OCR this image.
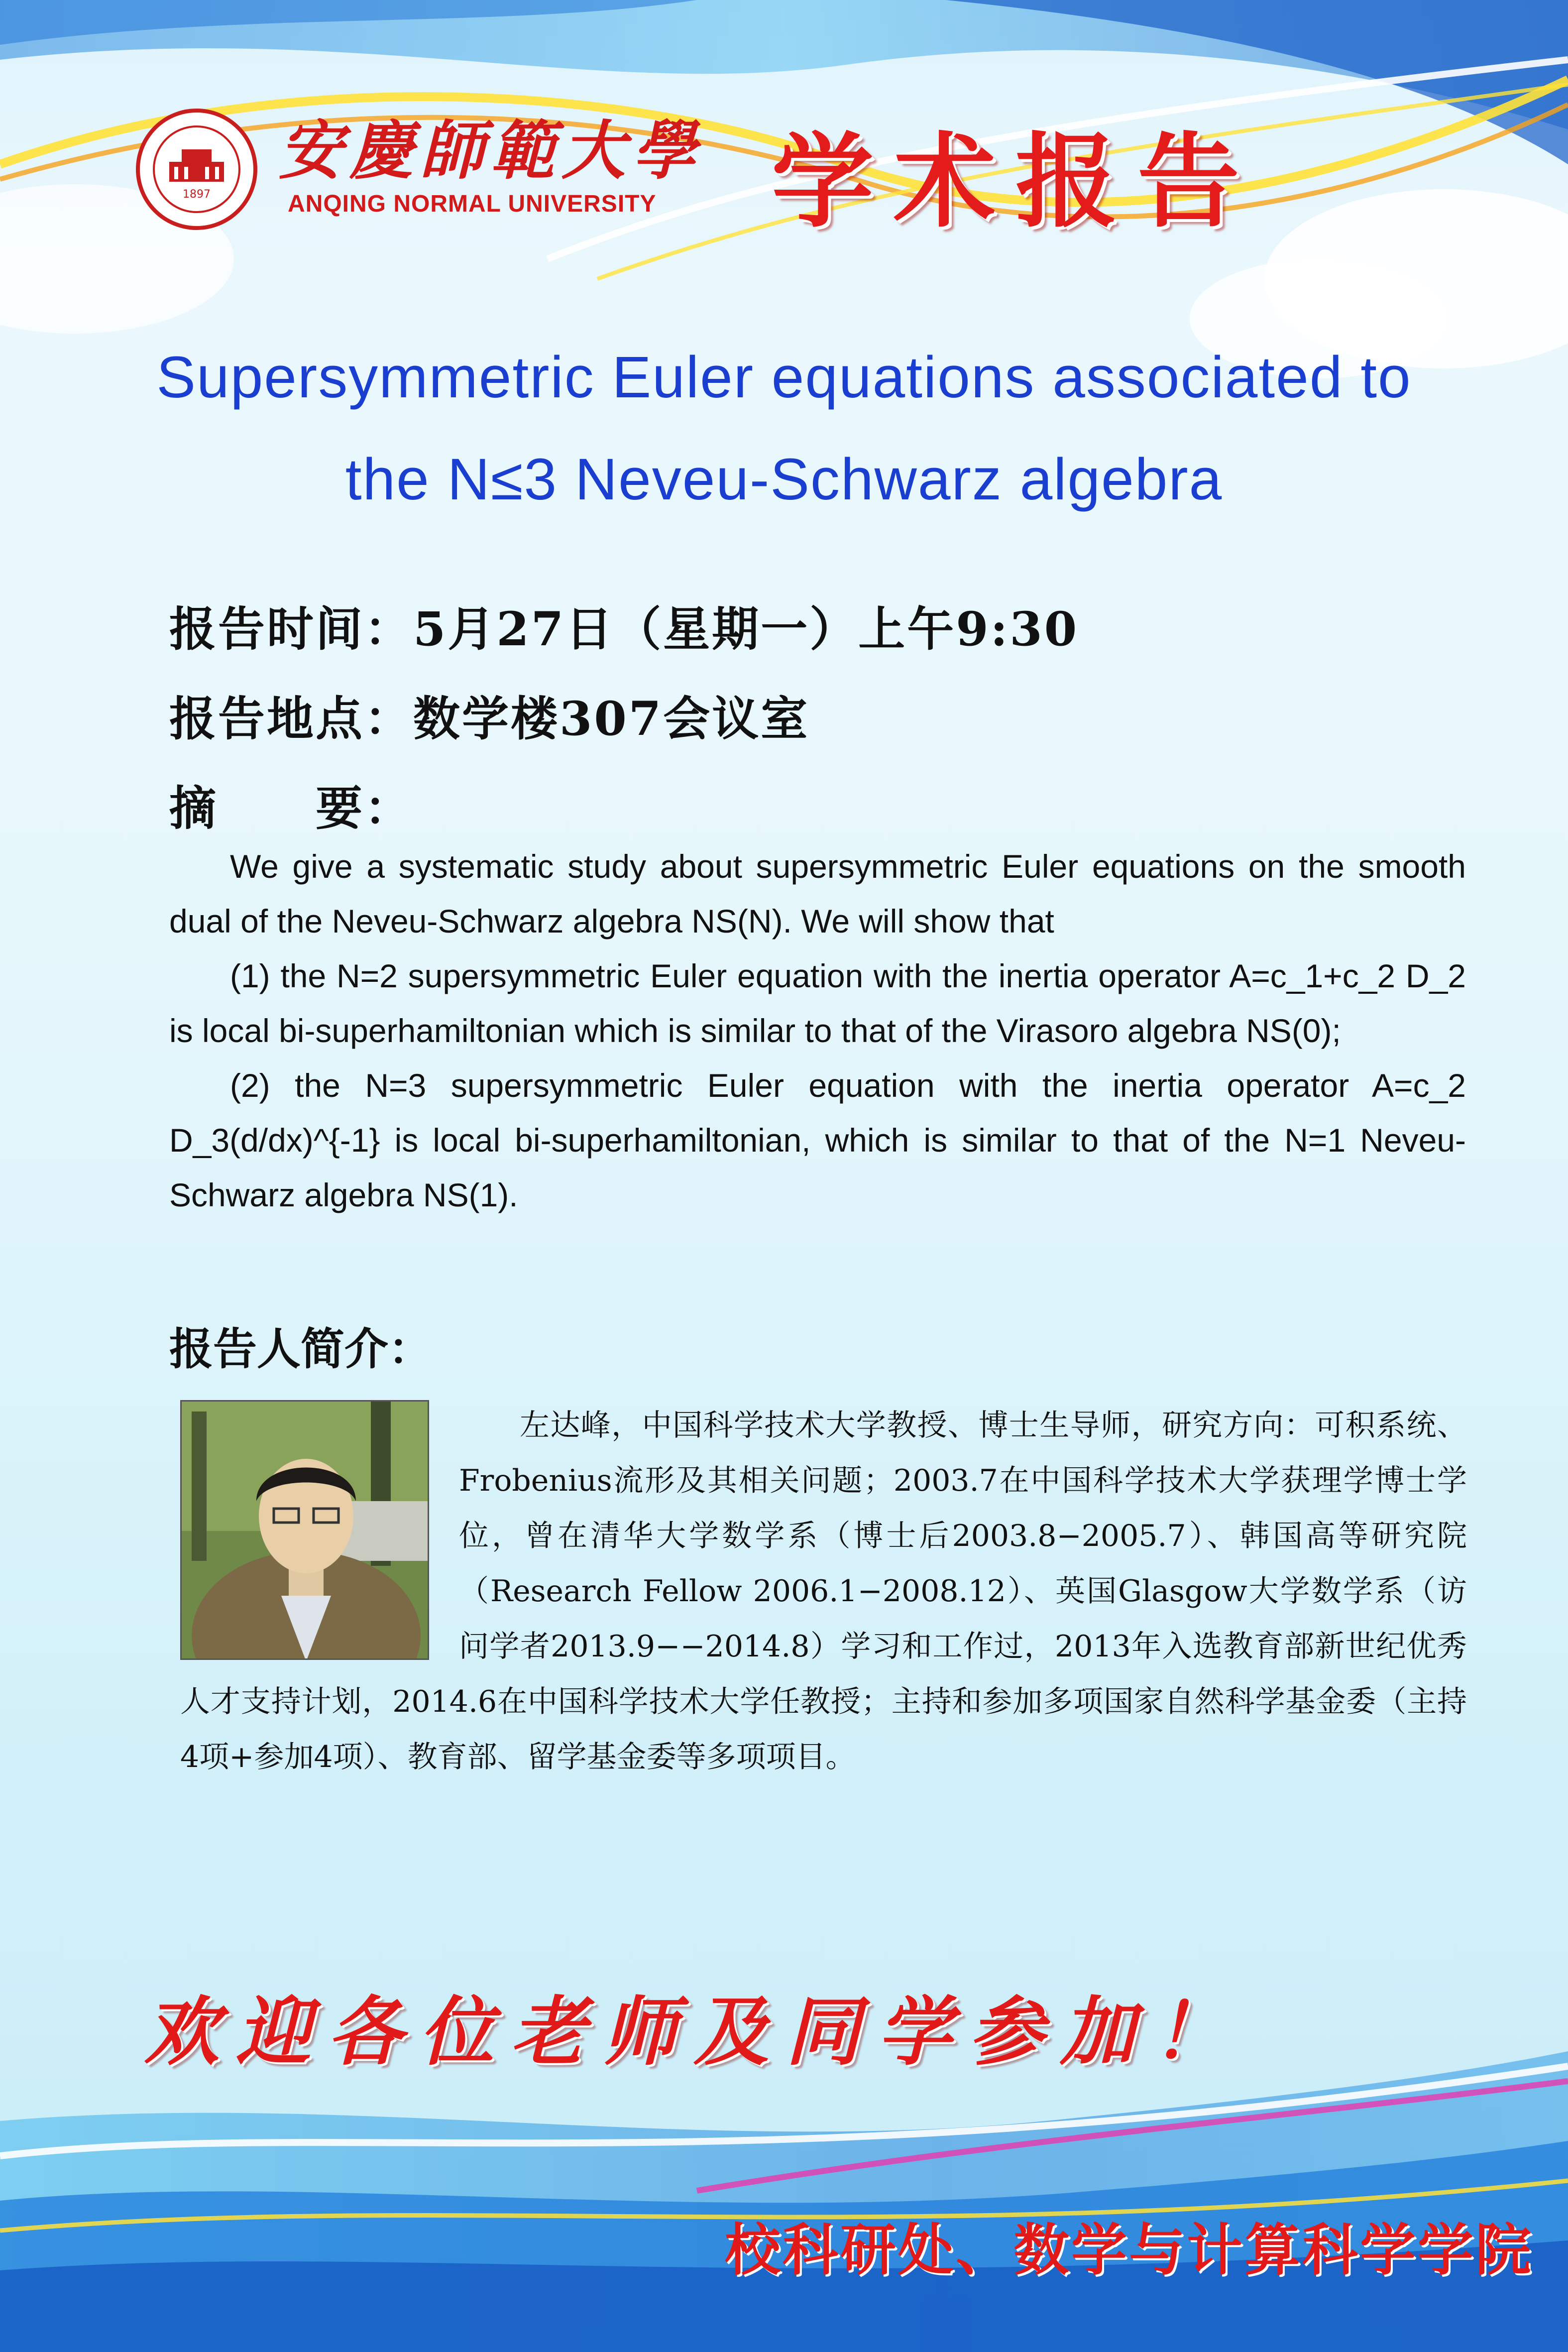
1897
安慶師範大學
ANQING NORMAL UNIVERSITY 学术报告
Supersymmetric Euler equations associated to
the N≤3 Neveu-Schwarz algebra
报告时间：5月27日（星期一）上午9:30
报告地点：数学楼307会议室
摘　　要：

We give a systematic study about supersymmetric Euler equations on the smooth dual of the Neveu-Schwarz algebra NS(N). We will show that

(1) the N=2 supersymmetric Euler equation with the inertia operator A=c_1+c_2 D_2 is local bi-superhamiltonian which is similar to that of the Virasoro algebra NS(0);

(2) the N=3 supersymmetric Euler equation with the inertia operator A=c_2 D_3(d/dx)^{-1} is local bi-superhamiltonian, which is similar to that of the N=1 Neveu-Schwarz algebra NS(1).

报告人简介：

左达峰，中国科学技术大学教授、博士生导师，研究方向：可积系统、Frobenius流形及其相关问题；2003.7在中国科学技术大学获理学博士学位，曾在清华大学数学系（博士后2003.8−2005.7）、韩国高等研究院（Research Fellow 2006.1−2008.12）、英国Glasgow大学数学系（访问学者2013.9−−2014.8）学习和工作过，2013年入选教育部新世纪优秀人才支持计划，2014.6在中国科学技术大学任教授；主持和参加多项国家自然科学基金委（主持4项+参加4项）、教育部、留学基金委等多项项目。

欢迎各位老师及同学参加！
校科研处、数学与计算科学学院
